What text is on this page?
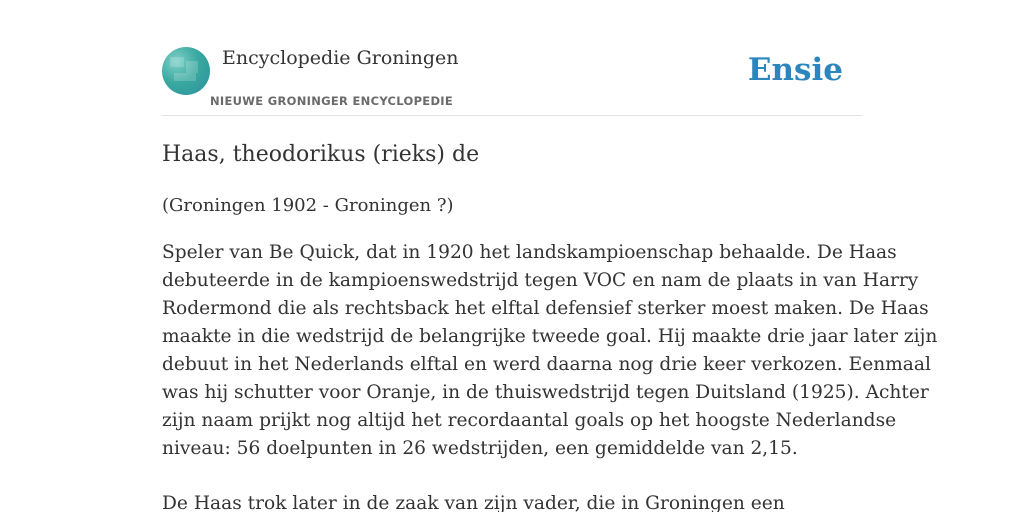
Encyclopedie Groningen
NIEUWE GRONINGER ENCYCLOPEDIE
Ensie
Haas, theodorikus (rieks) de

(Groningen 1902 - Groningen ?)

Speler van Be Quick, dat in 1920 het landskampioenschap behaalde. De Haas
debuteerde in de kampioenswedstrijd tegen VOC en nam de plaats in van Harry
Rodermond die als rechtsback het elftal defensief sterker moest maken. De Haas
maakte in die wedstrijd de belangrijke tweede goal. Hij maakte drie jaar later zijn
debuut in het Nederlands elftal en werd daarna nog drie keer verkozen. Eenmaal
was hij schutter voor Oranje, in de thuiswedstrijd tegen Duitsland (1925). Achter
zijn naam prijkt nog altijd het recordaantal goals op het hoogste Nederlandse
niveau: 56 doelpunten in 26 wedstrijden, een gemiddelde van 2,15.

De Haas trok later in de zaak van zijn vader, die in Groningen een
